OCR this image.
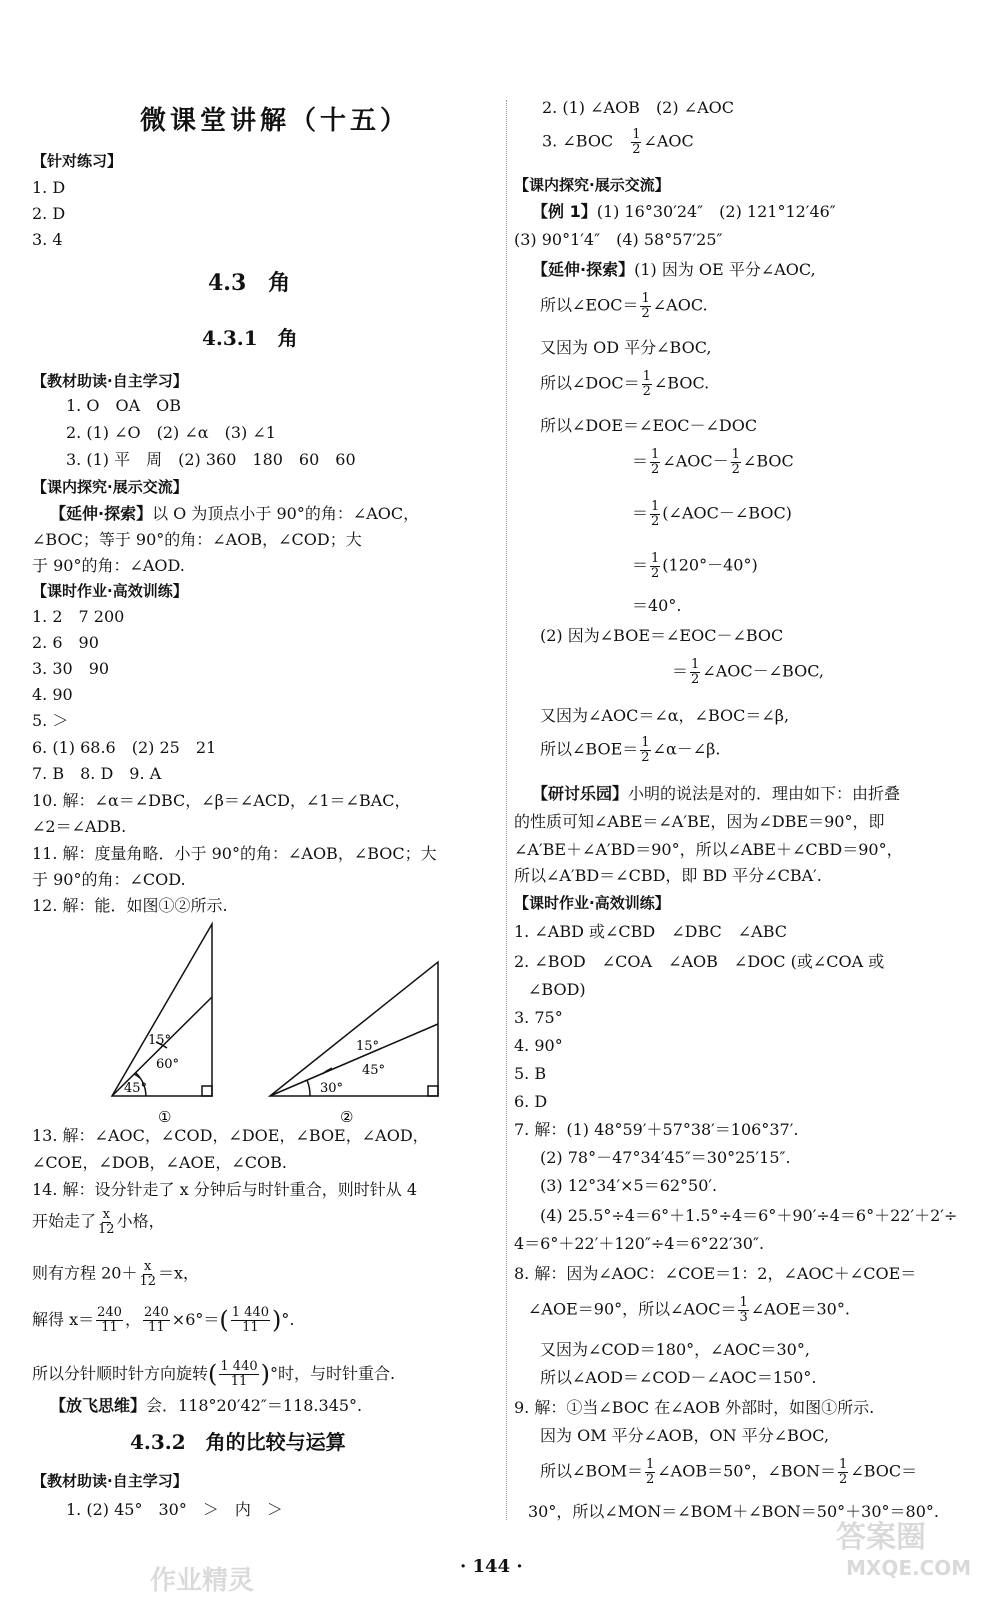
微课堂讲解（十五）
【针对练习】
1. D
2. D
3. 4
4.3　角
4.3.1　角
【教材助读·自主学习】
1. O　OA　OB
2. (1) ∠O　(2) ∠α　(3) ∠1
3. (1) 平　周　(2) 360　180　60　60
【课内探究·展示交流】
【延伸·探索】以 O 为顶点小于 90°的角：∠AOC，
∠BOC；等于 90°的角：∠AOB，∠COD；大
于 90°的角：∠AOD.
【课时作业·高效训练】
1. 2　7 200
2. 6　90
3. 30　90
4. 90
5. ＞
6. (1) 68.6　(2) 25　21
7. B　8. D　9. A
10. 解：∠α＝∠DBC，∠β＝∠ACD，∠1＝∠BAC，
∠2＝∠ADB.
11. 解：度量角略．小于 90°的角：∠AOB，∠BOC；大
于 90°的角：∠COD.
12. 解：能．如图①②所示.
15°
60°
45°
①
15°
45°
30°
②
13. 解：∠AOC，∠COD，∠DOE，∠BOE，∠AOD，
∠COE，∠DOB，∠AOE，∠COB.
14. 解：设分针走了 x 分钟后与时针重合，则时针从 4
开始走了 $\frac{x}{12}$ 小格，
则有方程 $20+ \frac{x}{12} =x$，
解得 $x= \frac{240}{11}$ ， $\frac{240}{11} \times 6^\circ=( \frac{1 440}{11}$ )°.
所以分针顺时针方向旋转( $\frac{1 440}{11}$ )°时，与时针重合.
【放飞思维】会．118°20′42″＝118.345°.
4.3.2　角的比较与运算
【教材助读·自主学习】
1. (2) 45°　30°　＞　内　＞
2. (1) ∠AOB　(2) ∠AOC
3. ∠BOC　 $\frac{1}{2}$ ∠AOC
【课内探究·展示交流】
【例 1】(1) 16°30′24″　(2) 121°12′46″
(3) 90°1′4″　(4) 58°57′25″
【延伸·探索】(1) 因为 OE 平分∠AOC,
所以∠EOC＝ $\frac{1}{2}$ ∠AOC.
又因为 OD 平分∠BOC,
所以∠DOC＝ $\frac{1}{2}$ ∠BOC.
所以∠DOE＝∠EOC－∠DOC
＝ $\frac{1}{2}$ ∠AOC－ $\frac{1}{2}$ ∠BOC
＝ $\frac{1}{2}$ (∠AOC－∠BOC)
＝ $\frac{1}{2} (120^\circ-40^\circ)$
＝40°.
(2) 因为∠BOE＝∠EOC－∠BOC
＝ $\frac{1}{2}$ ∠AOC－∠BOC,
又因为∠AOC＝∠α，∠BOC＝∠β,
所以∠BOE＝ $\frac{1}{2}$ ∠α－∠β.
【研讨乐园】小明的说法是对的．理由如下：由折叠
的性质可知∠ABE＝∠A′BE，因为∠DBE＝90°，即
∠A′BE＋∠A′BD＝90°，所以∠ABE＋∠CBD＝90°，
所以∠A′BD＝∠CBD，即 BD 平分∠CBA′.
【课时作业·高效训练】
1. ∠ABD 或∠CBD　∠DBC　∠ABC
2. ∠BOD　∠COA　∠AOB　∠DOC (或∠COA 或
∠BOD)
3. 75°
4. 90°
5. B
6. D
7. 解：(1) 48°59′＋57°38′＝106°37′.
(2) 78°－47°34′45″＝30°25′15″.
(3) 12°34′×5＝62°50′.
(4) 25.5°÷4＝6°＋1.5°÷4＝6°＋90′÷4＝6°＋22′＋2′÷
4＝6°＋22′＋120″÷4＝6°22′30″.
8. 解：因为∠AOC：∠COE＝1：2，∠AOC＋∠COE＝
∠AOE＝90°，所以∠AOC＝ $\frac{1}{3}$ ∠AOE＝30°.
又因为∠COD＝180°，∠AOC＝30°,
所以∠AOD＝∠COD－∠AOC＝150°.
9. 解：①当∠BOC 在∠AOB 外部时，如图①所示.
因为 OM 平分∠AOB，ON 平分∠BOC,
所以∠BOM＝ $\frac{1}{2}$ ∠AOB＝50°，∠BON＝ $\frac{1}{2}$ ∠BOC＝
30°，所以∠MON＝∠BOM＋∠BON＝50°＋30°＝80°.
· 144 ·
答案圈
MXQE.COM
作业精灵
